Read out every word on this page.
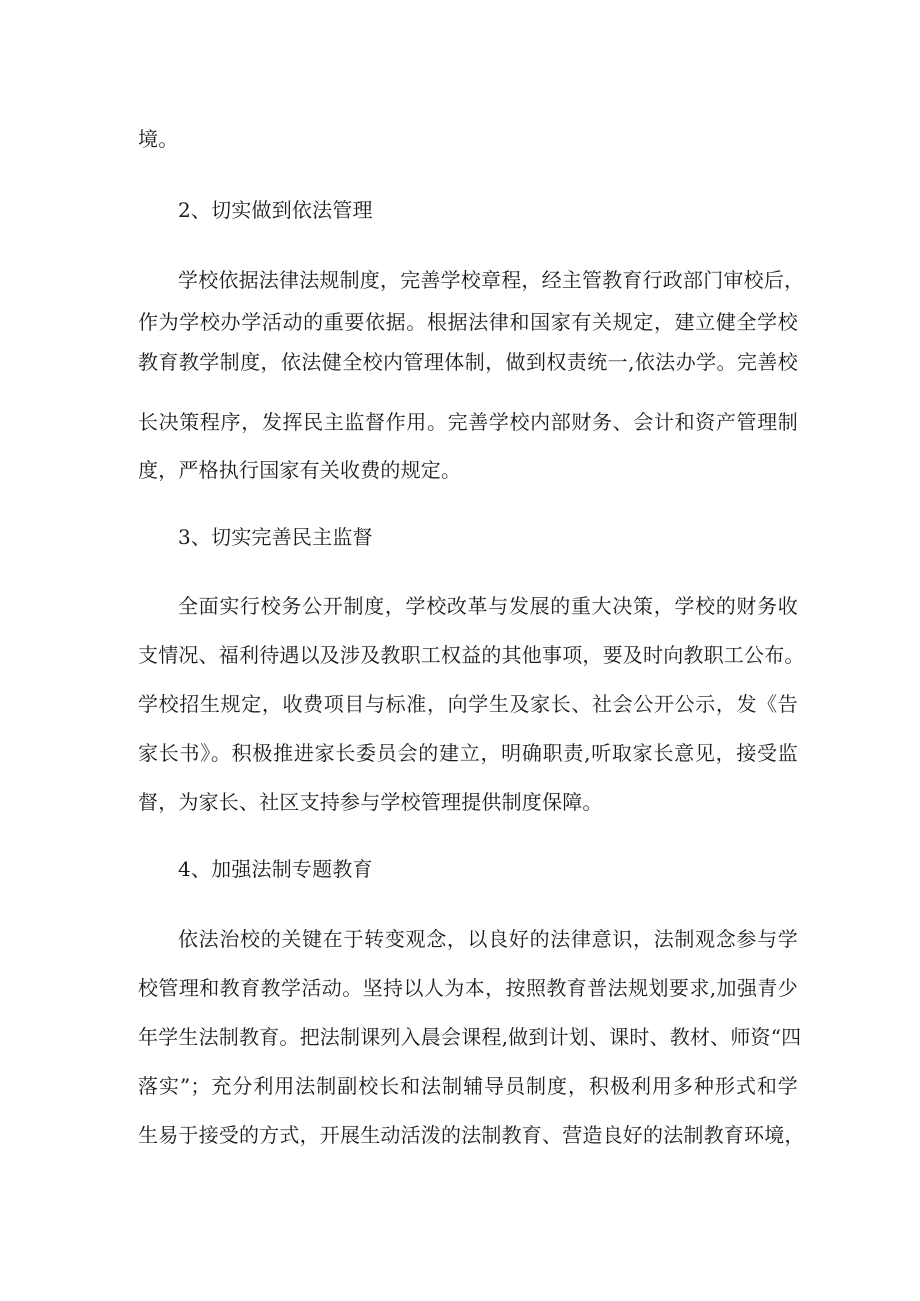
境。
2、切实做到依法管理
学校依据法律法规制度，完善学校章程，经主管教育行政部门审校后，
作为学校办学活动的重要依据。根据法律和国家有关规定，建立健全学校
教育教学制度，依法健全校内管理体制，做到权责统一,依法办学。完善校
长决策程序，发挥民主监督作用。完善学校内部财务、会计和资产管理制
度，严格执行国家有关收费的规定。
3、切实完善民主监督
全面实行校务公开制度，学校改革与发展的重大决策，学校的财务收
支情况、福利待遇以及涉及教职工权益的其他事项，要及时向教职工公布。
学校招生规定，收费项目与标准，向学生及家长、社会公开公示，发《告
家长书》。积极推进家长委员会的建立，明确职责,听取家长意见，接受监
督，为家长、社区支持参与学校管理提供制度保障。
4、加强法制专题教育
依法治校的关键在于转变观念，以良好的法律意识，法制观念参与学
校管理和教育教学活动。坚持以人为本，按照教育普法规划要求,加强青少
年学生法制教育。把法制课列入晨会课程,做到计划、课时、教材、师资“四
落实”；充分利用法制副校长和法制辅导员制度，积极利用多种形式和学
生易于接受的方式，开展生动活泼的法制教育、营造良好的法制教育环境，
